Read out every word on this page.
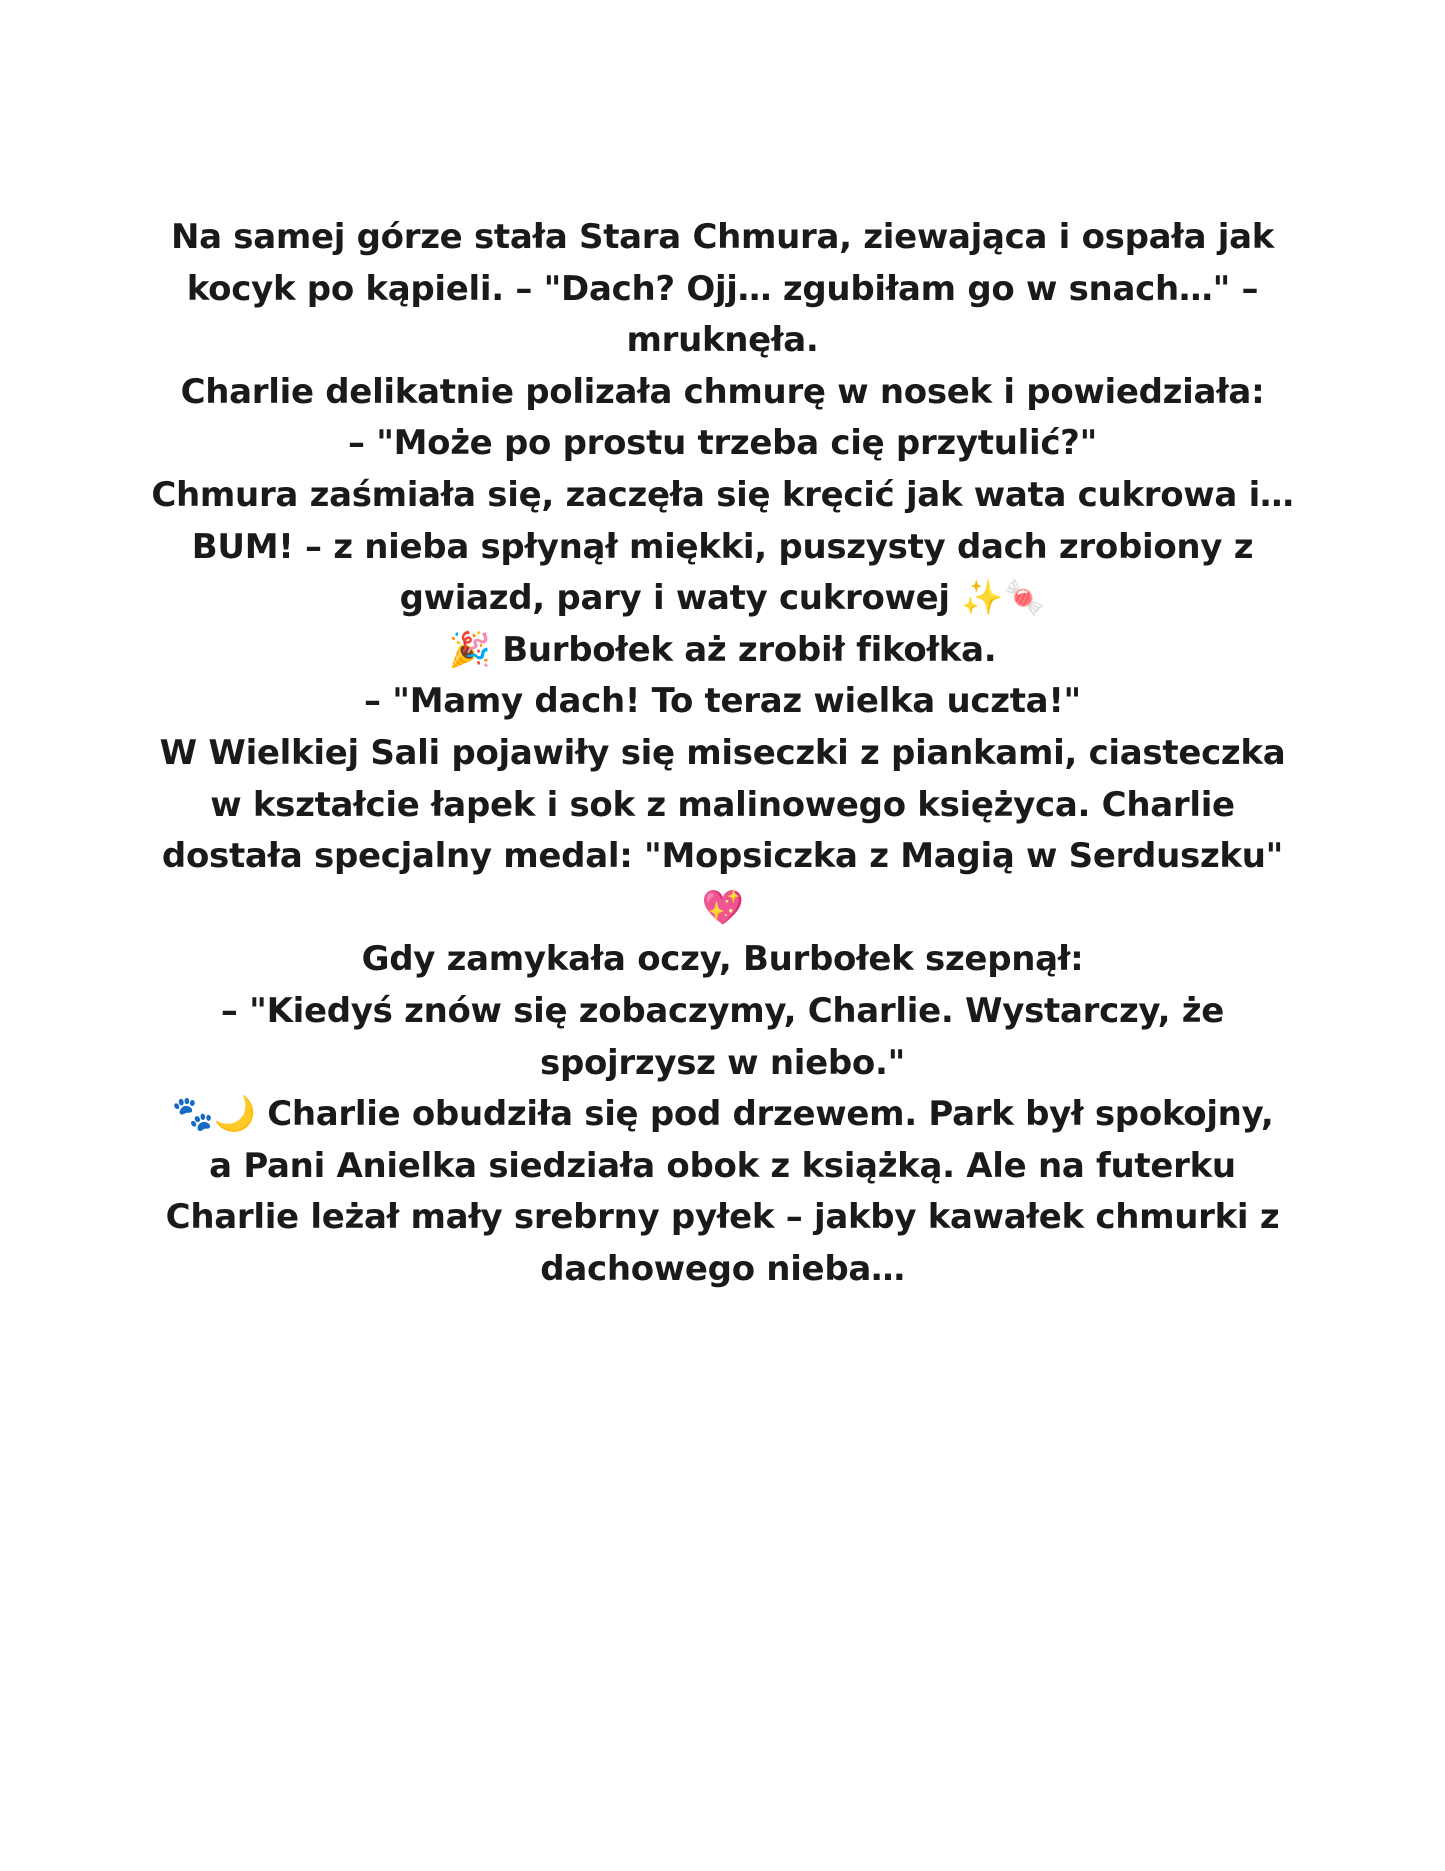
Na samej górze stała Stara Chmura, ziewająca i ospała jak
kocyk po kąpieli. – "Dach? Ojj… zgubiłam go w snach…" –
mruknęła.
Charlie delikatnie polizała chmurę w nosek i powiedziała:
– "Może po prostu trzeba cię przytulić?"
Chmura zaśmiała się, zaczęła się kręcić jak wata cukrowa i…
BUM! – z nieba spłynął miękki, puszysty dach zrobiony z
gwiazd, pary i waty cukrowej ✨🍬
🎉 Burbołek aż zrobił fikołka.
– "Mamy dach! To teraz wielka uczta!"
W Wielkiej Sali pojawiły się miseczki z piankami, ciasteczka
w kształcie łapek i sok z malinowego księżyca. Charlie
dostała specjalny medal: "Mopsiczka z Magią w Serduszku"
💖
Gdy zamykała oczy, Burbołek szepnął:
– "Kiedyś znów się zobaczymy, Charlie. Wystarczy, że
spojrzysz w niebo."
🐾🌙 Charlie obudziła się pod drzewem. Park był spokojny,
a Pani Anielka siedziała obok z książką. Ale na futerku
Charlie leżał mały srebrny pyłek – jakby kawałek chmurki z
dachowego nieba…
